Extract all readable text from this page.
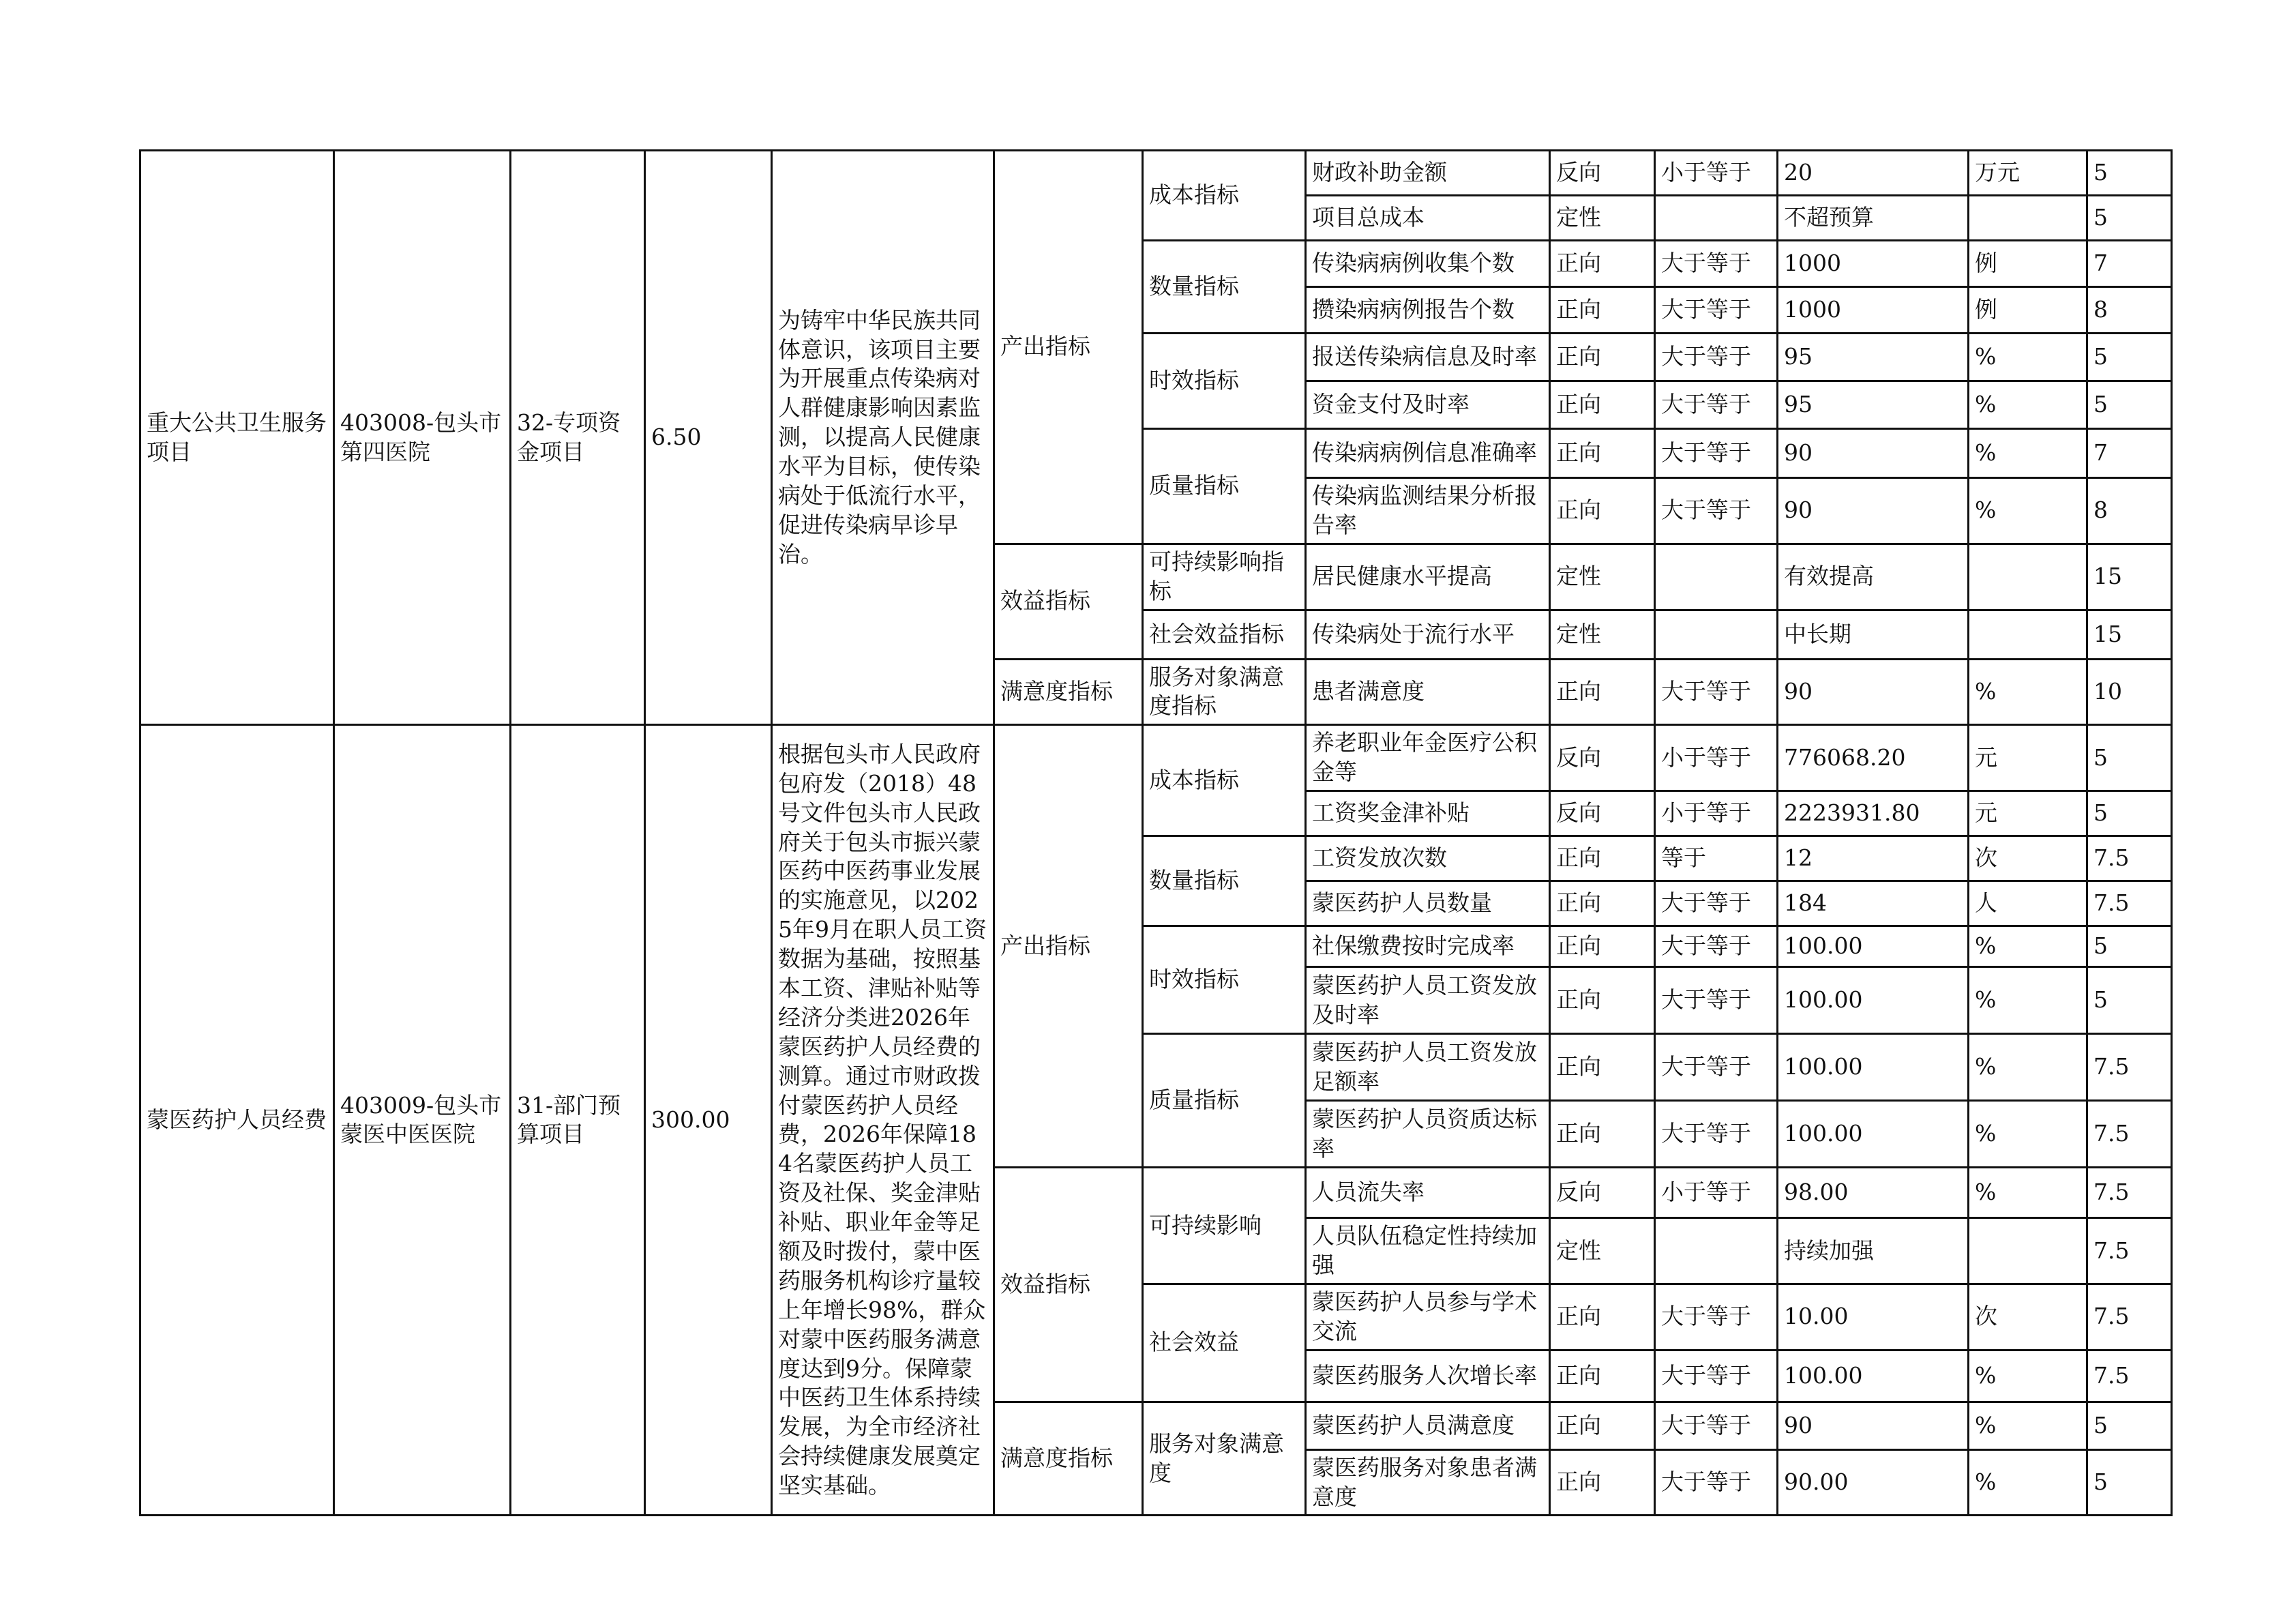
重大公共卫生服务项目	403008-包头市第四医院	32-专项资金项目	6.50	为铸牢中华民族共同体意识，该项目主要为开展重点传染病对人群健康影响因素监测，以提高人民健康水平为目标，使传染病处于低流行水平，促进传染病早诊早治。	产出指标	成本指标	财政补助金额	反向	小于等于	20	万元	5
							项目总成本	定性		不超预算		5
						数量指标	传染病病例收集个数	正向	大于等于	1000	例	7
							攒染病病例报告个数	正向	大于等于	1000	例	8
						时效指标	报送传染病信息及时率	正向	大于等于	95	%	5
							资金支付及时率	正向	大于等于	95	%	5
						质量指标	传染病病例信息准确率	正向	大于等于	90	%	7
							传染病监测结果分析报告率	正向	大于等于	90	%	8
					效益指标	可持续影响指标	居民健康水平提高	定性		有效提高		15
						社会效益指标	传染病处于流行水平	定性		中长期		15
					满意度指标	服务对象满意度指标	患者满意度	正向	大于等于	90	%	10
蒙医药护人员经费	403009-包头市蒙医中医医院	31-部门预算项目	300.00	根据包头市人民政府包府发（2018）48号文件包头市人民政府关于包头市振兴蒙医药中医药事业发展的实施意见，以2025年9月在职人员工资数据为基础，按照基本工资、津贴补贴等经济分类进2026年蒙医药护人员经费的测算。通过市财政拨付蒙医药护人员经费，2026年保障184名蒙医药护人员工资及社保、奖金津贴补贴、职业年金等足额及时拨付，蒙中医药服务机构诊疗量较上年增长98%，群众对蒙中医药服务满意度达到9分。保障蒙中医药卫生体系持续发展，为全市经济社会持续健康发展奠定坚实基础。	产出指标	成本指标	养老职业年金医疗公积金等	反向	小于等于	776068.20	元	5
							工资奖金津补贴	反向	小于等于	2223931.80	元	5
						数量指标	工资发放次数	正向	等于	12	次	7.5
							蒙医药护人员数量	正向	大于等于	184	人	7.5
						时效指标	社保缴费按时完成率	正向	大于等于	100.00	%	5
							蒙医药护人员工资发放及时率	正向	大于等于	100.00	%	5
						质量指标	蒙医药护人员工资发放足额率	正向	大于等于	100.00	%	7.5
							蒙医药护人员资质达标率	正向	大于等于	100.00	%	7.5
					效益指标	可持续影响	人员流失率	反向	小于等于	98.00	%	7.5
							人员队伍稳定性持续加强	定性		持续加强		7.5
						社会效益	蒙医药护人员参与学术交流	正向	大于等于	10.00	次	7.5
							蒙医药服务人次增长率	正向	大于等于	100.00	%	7.5
					满意度指标	服务对象满意度	蒙医药护人员满意度	正向	大于等于	90	%	5
							蒙医药服务对象患者满意度	正向	大于等于	90.00	%	5
